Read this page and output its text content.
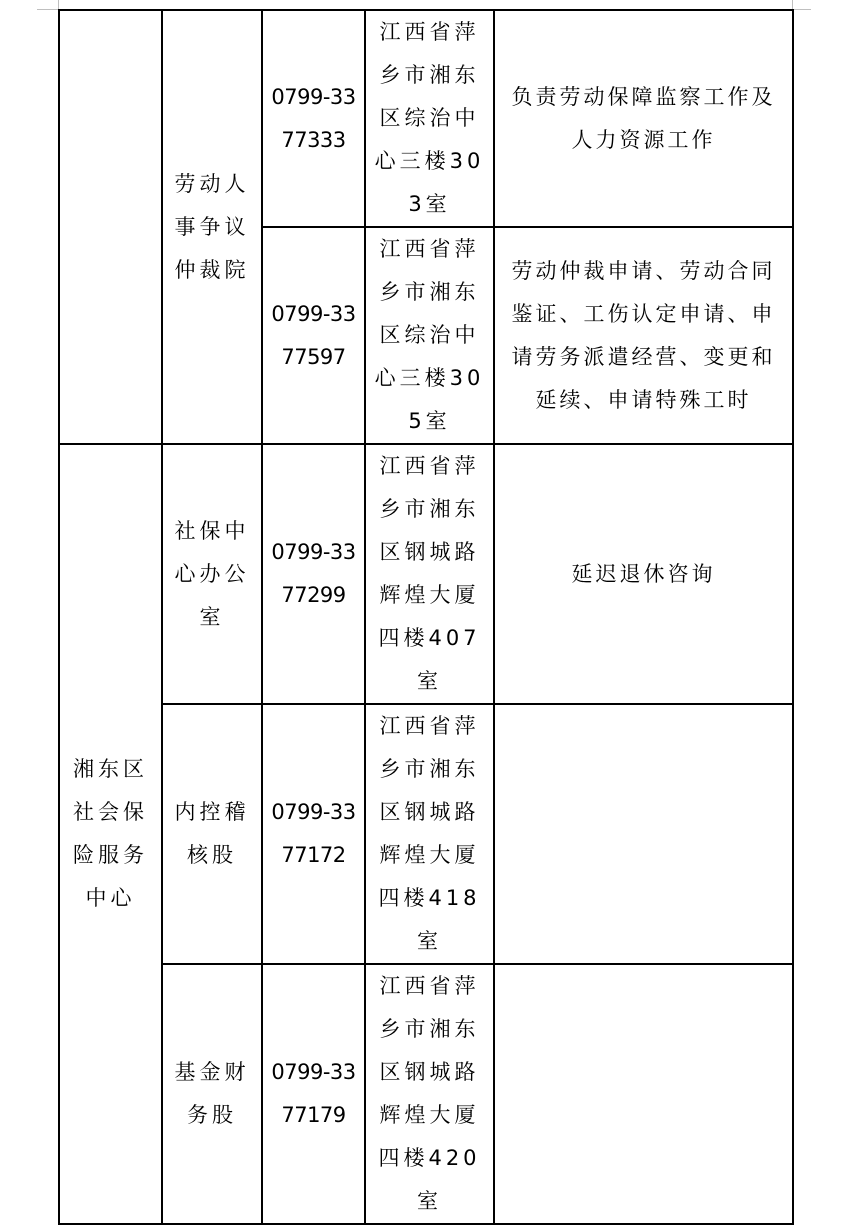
	劳动人事争议仲裁院	0799-3377333	江西省萍乡市湘东区综治中心三楼303室	负责劳动保障监察工作及人力资源工作
		0799-3377597	江西省萍乡市湘东区综治中心三楼305室	劳动仲裁申请、劳动合同鉴证、工伤认定申请、申请劳务派遣经营、变更和延续、申请特殊工时
湘东区社会保险服务中心	社保中心办公室	0799-3377299	江西省萍乡市湘东区钢城路辉煌大厦四楼407室	延迟退休咨询
	内控稽核股	0799-3377172	江西省萍乡市湘东区钢城路辉煌大厦四楼418室	
	基金财务股	0799-3377179	江西省萍乡市湘东区钢城路辉煌大厦四楼420室	
